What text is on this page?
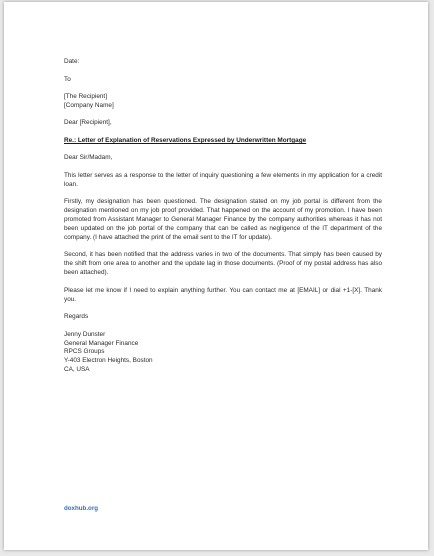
Date:

To

[The Recipient]

[Company Name]

Dear [Recipient],

Re.: Letter of Explanation of Reservations Expressed by Underwritten Mortgage

Dear Sir/Madam,

This letter serves as a response to the letter of inquiry questioning a few elements in my application for a credit loan.

Firstly, my designation has been questioned. The designation stated on my job portal is different from the designation mentioned on my job proof provided. That happened on the account of my promotion. I have been promoted from Assistant Manager to General Manager Finance by the company authorities whereas it has not been updated on the job portal of the company that can be called as negligence of the IT department of the company. (I have attached the print of the email sent to the IT for update).

Second, it has been notified that the address varies in two of the documents. That simply has been caused by the shift from one area to another and the update lag in those documents. (Proof of my postal address has also been attached).

Please let me know if I need to explain anything further. You can contact me at [EMAIL] or dial +1-[X]. Thank you.

Regards

Jenny Dunster

General Manager Finance

RPCS Groups

Y-403 Electron Heights, Boston

CA, USA

doxhub.org
